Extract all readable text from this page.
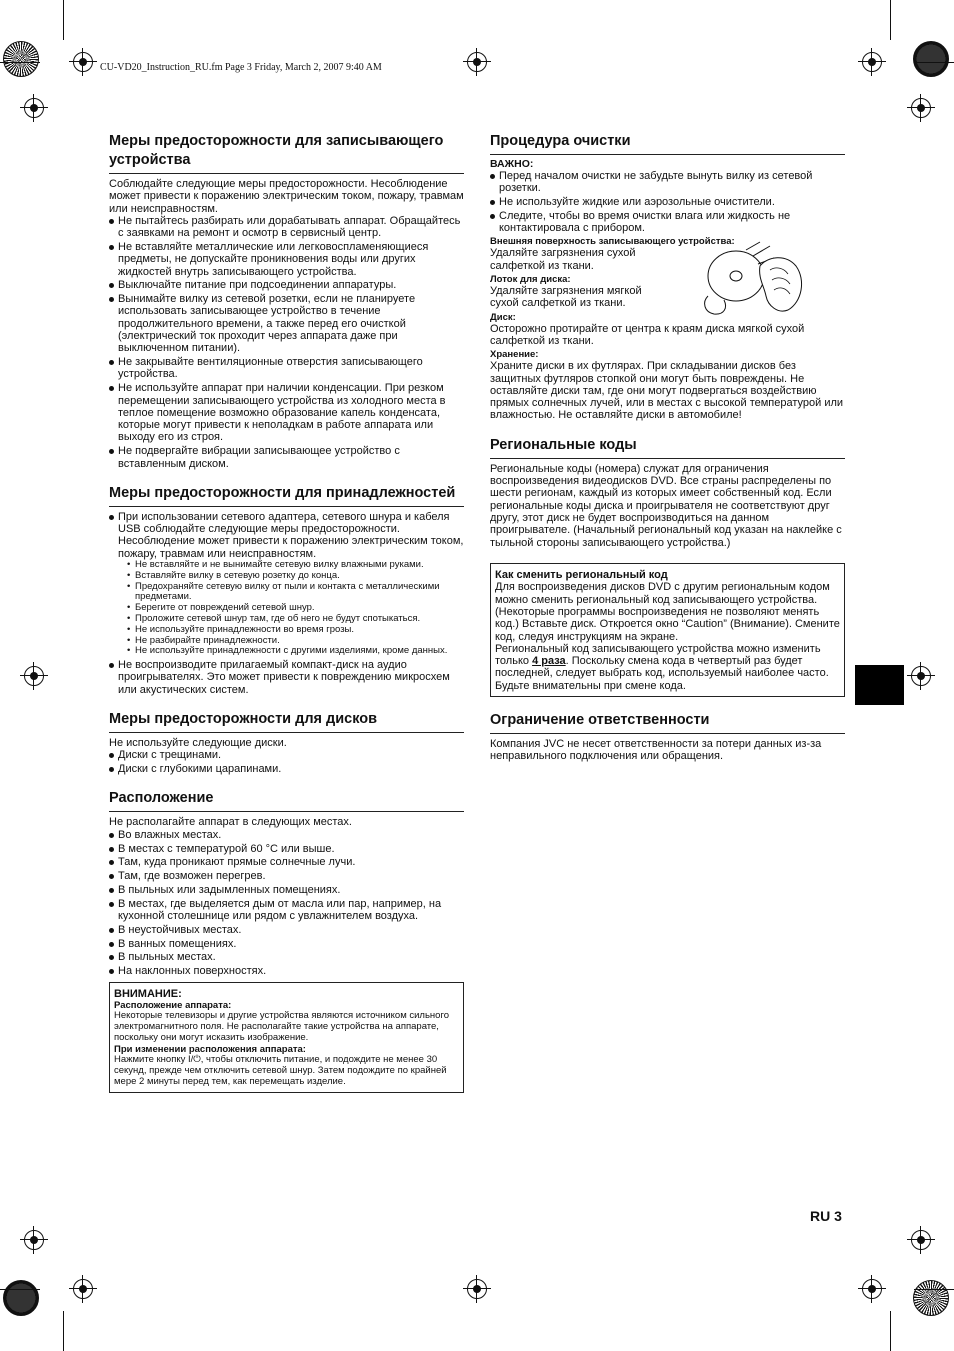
CU-VD20_Instruction_RU.fm Page 3 Friday, March 2, 2007 9:40 AM
RU 3
Меры предосторожности для записывающего устройства

Соблюдайте следующие меры предосторожности. Несоблюдение может привести к поражению электрическим током, пожару, травмам или неисправностям.

Не пытайтесь разбирать или дорабатывать аппарат. Обращайтесь с заявками на ремонт и осмотр в сервисный центр.
Не вставляйте металлические или легковоспламеняющиеся предметы, не допускайте проникновения воды или других жидкостей внутрь записывающего устройства.
Выключайте питание при подсоединении аппаратуры.
Вынимайте вилку из сетевой розетки, если не планируете использовать записывающее устройство в течение продолжительного времени, а также перед его очисткой (электрический ток проходит через аппарата даже при выключенном питании).
Не закрывайте вентиляционные отверстия записывающего устройства.
Не используйте аппарат при наличии конденсации. При резком перемещении записывающего устройства из холодного места в теплое помещение возможно образование капель конденсата, которые могут привести к неполадкам в работе аппарата или выходу его из строя.
Не подвергайте вибрации записывающее устройство с вставленным диском.
Меры предосторожности для принадлежностей
При использовании сетевого адаптера, сетевого шнура и кабеля USB соблюдайте следующие меры предосторожности. Несоблюдение может привести к поражению электрическим током, пожару, травмам или неисправностям.
• Не вставляйте и не вынимайте сетевую вилку влажными руками.
• Вставляйте вилку в сетевую розетку до конца.
• Предохраняйте сетевую вилку от пыли и контакта с металлическими предметами.
• Берегите от повреждений сетевой шнур.
• Проложите сетевой шнур там, где об него не будут спотыкаться.
• Не используйте принадлежности во время грозы.
• Не разбирайте принадлежности.
• Не используйте принадлежности с другими изделиями, кроме данных.
Не воспроизводите прилагаемый компакт-диск на аудио проигрывателях. Это может привести к повреждению микросхем или акустических систем.
Меры предосторожности для дисков

Не используйте следующие диски.

Диски с трещинами.
Диски с глубокими царапинами.
Расположение

Не располагайте аппарат в следующих местах.

Во влажных местах.
В местах с температурой 60 °C или выше.
Там, куда проникают прямые солнечные лучи.
Там, где возможен перегрев.
В пыльных или задымленных помещениях.
В местах, где выделяется дым от масла или пар, например, на кухонной столешнице или рядом с увлажнителем воздуха.
В неустойчивых местах.
В ванных помещениях.
В пыльных местах.
На наклонных поверхностях.
ВНИМАНИЕ:
Расположение аппарата:

Некоторые телевизоры и другие устройства являются источником сильного электромагнитного поля. Не располагайте такие устройства на аппарате, поскольку они могут исказить изображение.

При изменении расположения аппарата:

Нажмите кнопку I/⏻, чтобы отключить питание, и подождите не менее 30 секунд, прежде чем отключить сетевой шнур. Затем подождите по крайней мере 2 минуты перед тем, как перемещать изделие.

Процедура очистки
ВАЖНО:
Перед началом очистки не забудьте вынуть вилку из сетевой розетки.
Не используйте жидкие или аэрозольные очистители.
Следите, чтобы во время очистки влага или жидкость не контактировала с прибором.
Внешняя поверхность записывающего устройства:

Удаляйте загрязнения сухой салфеткой из ткани.

Лоток для диска:

Удаляйте загрязнения мягкой сухой салфеткой из ткани.

Диск:

Осторожно протирайте от центра к краям диска мягкой сухой салфеткой из ткани.

Хранение:

Храните диски в их футлярах. При складывании дисков без защитных футляров стопкой они могут быть повреждены. Не оставляйте диски там, где они могут подвергаться воздействию прямых солнечных лучей, или в местах с высокой температурой или влажностью. Не оставляйте диски в автомобиле!

Региональные коды

Региональные коды (номера) служат для ограничения воспроизведения видеодисков DVD. Все страны распределены по шести регионам, каждый из которых имеет собственный код. Если региональные коды диска и проигрывателя не соответствуют друг другу, этот диск не будет воспроизводиться на данном проигрывателе. (Начальный региональный код указан на наклейке с тыльной стороны записывающего устройства.)

Как сменить региональный код

Для воспроизведения дисков DVD с другим региональным кодом можно сменить региональный код записывающего устройства. (Некоторые программы воспроизведения не позволяют менять код.) Вставьте диск. Откроется окно “Caution” (Внимание). Смените код, следуя инструкциям на экране.

Региональный код записывающего устройства можно изменить только 4 раза. Поскольку смена кода в четвертый раз будет последней, следует выбрать код, используемый наиболее часто. Будьте внимательны при смене кода.

Ограничение ответственности

Компания JVC не несет ответственности за потери данных из-за неправильного подключения или обращения.
